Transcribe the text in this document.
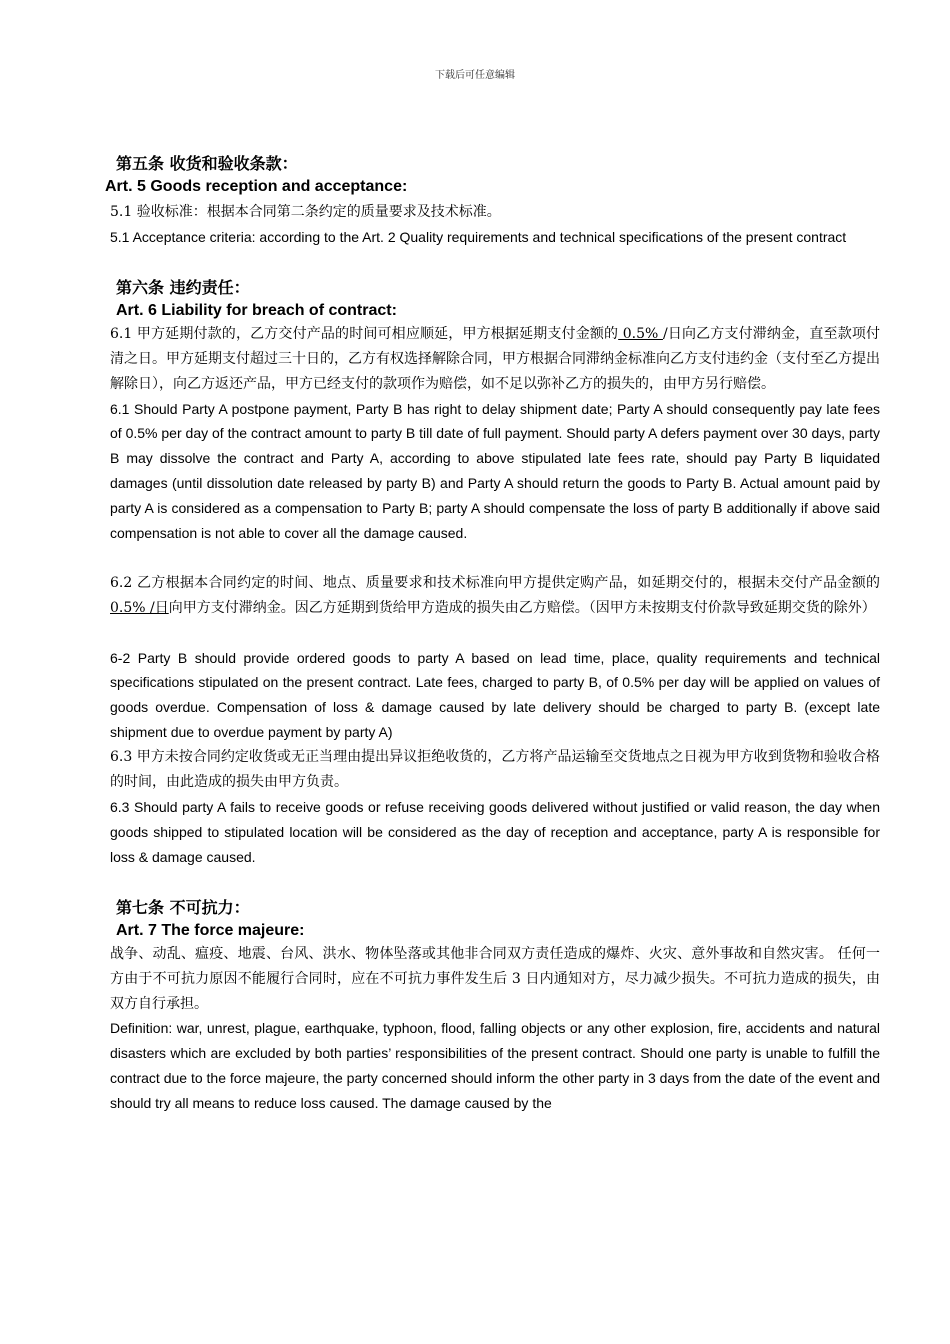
下载后可任意编辑
第五条 收货和验收条款：
Art. 5 Goods reception and acceptance:
5.1 验收标准：根据本合同第二条约定的质量要求及技术标准。
5.1 Acceptance criteria: according to the Art. 2 Quality requirements and technical specifications of the present contract
第六条 违约责任：
Art. 6 Liability for breach of contract:
6.1 甲方延期付款的，乙方交付产品的时间可相应顺延，甲方根据延期支付金额的 0.5% /日向乙方支付滞纳金，直至款项付清之日。甲方延期支付超过三十日的，乙方有权选择解除合同，甲方根据合同滞纳金标准向乙方支付违约金（支付至乙方提出解除日），向乙方返还产品，甲方已经支付的款项作为赔偿，如不足以弥补乙方的损失的，由甲方另行赔偿。
6.1 Should Party A postpone payment, Party B has right to delay shipment date; Party A should consequently pay late fees of 0.5% per day of the contract amount to party B till date of full payment. Should party A defers payment over 30 days, party B may dissolve the contract and Party A, according to above stipulated late fees rate, should pay Party B liquidated damages (until dissolution date released by party B) and Party A should return the goods to Party B. Actual amount paid by party A is considered as a compensation to Party B; party A should compensate the loss of party B additionally if above said compensation is not able to cover all the damage caused.
6.2 乙方根据本合同约定的时间、地点、质量要求和技术标准向甲方提供定购产品，如延期交付的，根据未交付产品金额的 0.5% /日向甲方支付滞纳金。因乙方延期到货给甲方造成的损失由乙方赔偿。（因甲方未按期支付价款导致延期交货的除外）
6-2 Party B should provide ordered goods to party A based on lead time, place, quality requirements and technical specifications stipulated on the present contract. Late fees, charged to party B, of 0.5% per day will be applied on values of goods overdue. Compensation of loss & damage caused by late delivery should be charged to party B. (except late shipment due to overdue payment by party A)
6.3 甲方未按合同约定收货或无正当理由提出异议拒绝收货的，乙方将产品运输至交货地点之日视为甲方收到货物和验收合格的时间，由此造成的损失由甲方负责。
6.3 Should party A fails to receive goods or refuse receiving goods delivered without justified or valid reason, the day when goods shipped to stipulated location will be considered as the day of reception and acceptance, party A is responsible for loss & damage caused.
第七条 不可抗力：
Art. 7 The force majeure:
战争、动乱、瘟疫、地震、台风、洪水、物体坠落或其他非合同双方责任造成的爆炸、火灾、意外事故和自然灾害。 任何一方由于不可抗力原因不能履行合同时，应在不可抗力事件发生后 3 日内通知对方，尽力减少损失。不可抗力造成的损失，由双方自行承担。
Definition: war, unrest, plague, earthquake, typhoon, flood, falling objects or any other explosion, fire, accidents and natural disasters which are excluded by both parties’ responsibilities of the present contract. Should one party is unable to fulfill the contract due to the force majeure, the party concerned should inform the other party in 3 days from the date of the event and should try all means to reduce loss caused. The damage caused by the
